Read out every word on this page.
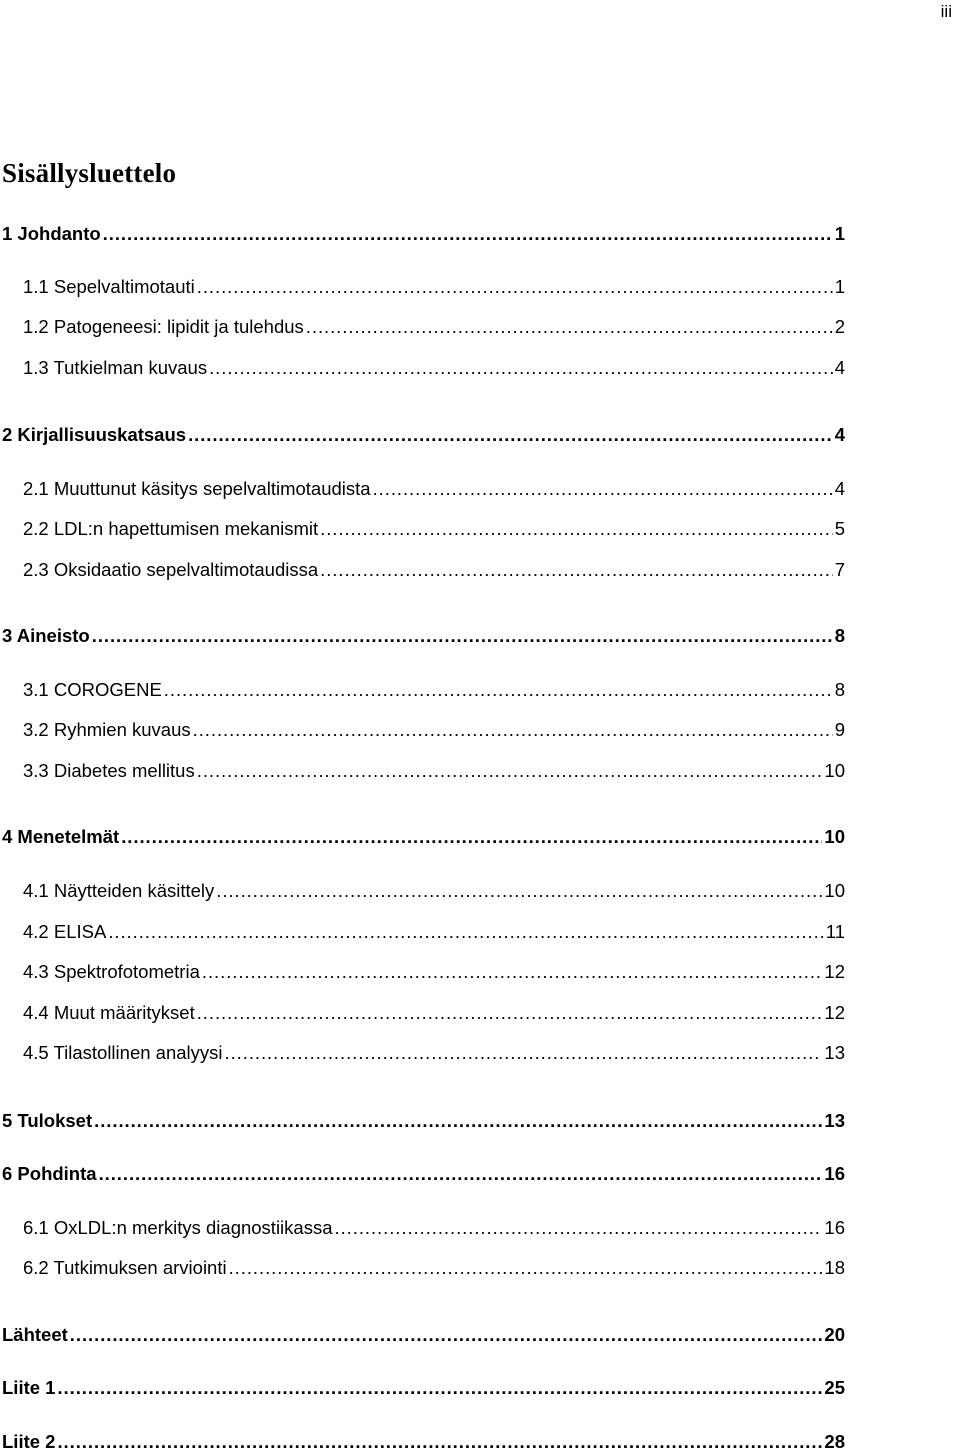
iii
Sisällysluettelo
1 Johdanto . . .	1
1.1 Sepelvaltimotauti . . .	1
1.2 Patogeneesi: lipidit ja tulehdus . . .	2
1.3 Tutkielman kuvaus . . .	4
2 Kirjallisuuskatsaus . . .	4
2.1 Muuttunut käsitys sepelvaltimotaudista . . .	4
2.2 LDL:n hapettumisen mekanismit . . .	5
2.3 Oksidaatio sepelvaltimotaudissa . . .	7
3 Aineisto . . .	8
3.1 COROGENE . . .	8
3.2 Ryhmien kuvaus . . .	9
3.3 Diabetes mellitus . . .	10
4 Menetelmät . . .	10
4.1 Näytteiden käsittely . . .	10
4.2 ELISA . . .	11
4.3 Spektrofotometria . . .	12
4.4 Muut määritykset . . .	12
4.5 Tilastollinen analyysi . . .	13
5 Tulokset . . .	13
6 Pohdinta . . .	16
6.1 OxLDL:n merkitys diagnostiikassa . . .	16
6.2 Tutkimuksen arviointi . . .	18
Lähteet . . .	20
Liite 1 . . .	25
Liite 2 . . .	28
